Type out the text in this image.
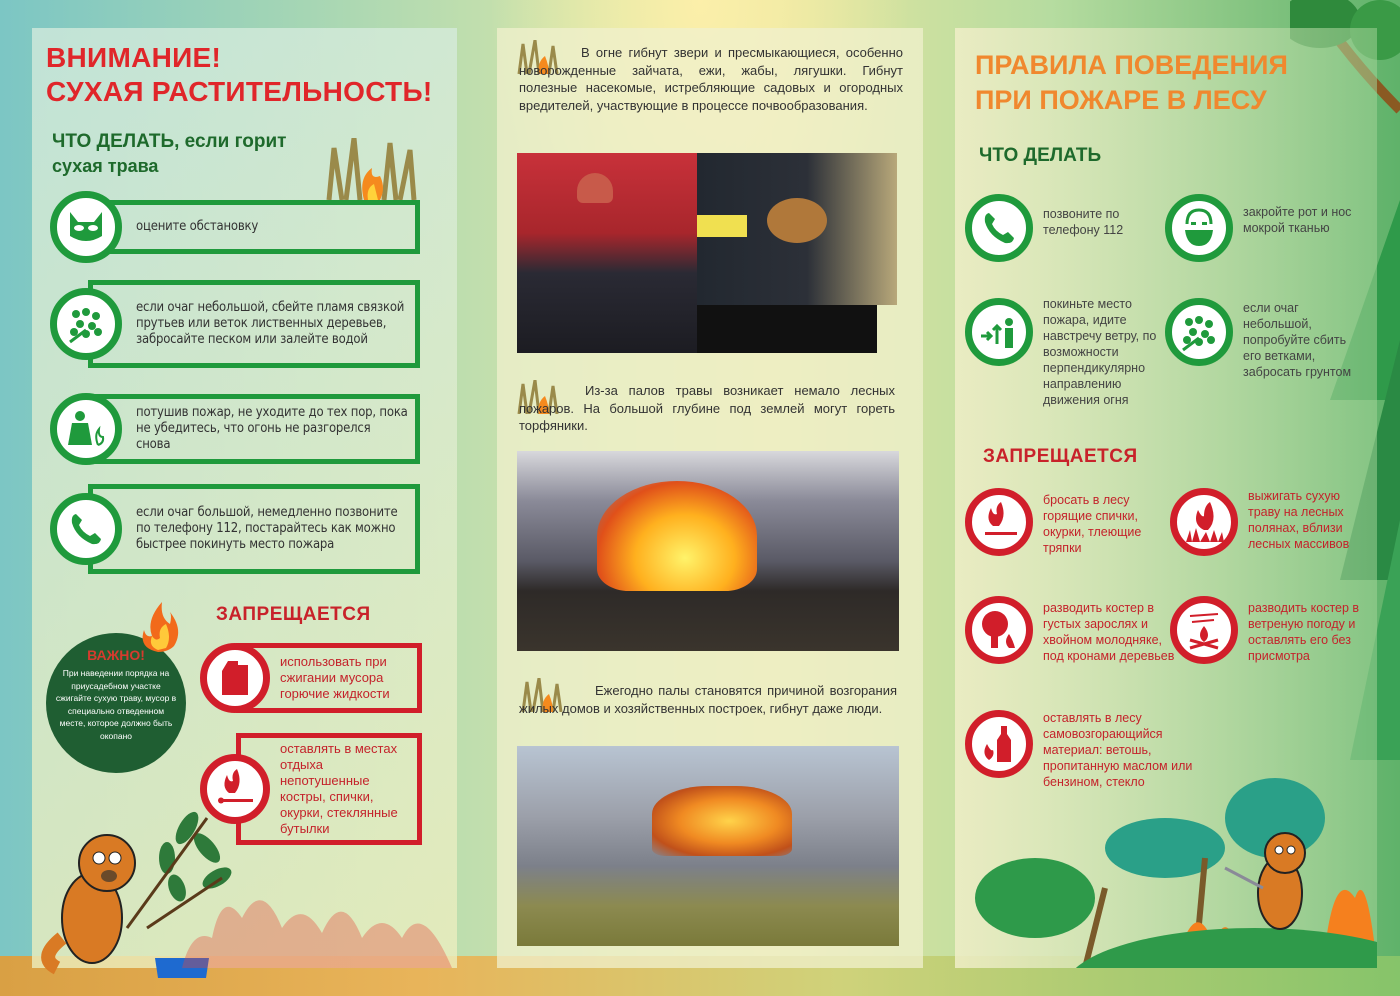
ВНИМАНИЕ!
СУХАЯ РАСТИТЕЛЬНОСТЬ!
ЧТО ДЕЛАТЬ, если горит
сухая трава
оцените обстановку
если очаг небольшой, сбейте пламя связкой прутьев или веток лиственных деревьев, забросайте песком или залейте водой
потушив пожар, не уходите до тех пор, пока не убедитесь, что огонь не разгорелся снова
если очаг большой, немедленно позвоните по телефону 112, постарайтесь как можно быстрее покинуть место пожара
ВАЖНО!
При наведении порядка на приусадебном участке сжигайте сухую траву, мусор в специально отведенном месте, которое должно быть окопано
ЗАПРЕЩАЕТСЯ
использовать при сжигании мусора горючие жидкости
оставлять в местах отдыха непотушенные костры, спички, окурки, стеклянные бутылки
В огне гибнут звери и пресмыкающиеся, особенно новорожденные зайчата, ежи, жабы, лягушки. Гибнут полезные насекомые, истребляющие садовых и огородных вредителей, участвующие в процессе почвообразования.
Из-за палов травы возникает немало лесных пожаров. На большой глубине под землей могут гореть торфяники.
Ежегодно палы становятся причиной возгорания жилых домов и хозяйственных построек, гибнут даже люди.
ПРАВИЛА ПОВЕДЕНИЯ
ПРИ ПОЖАРЕ В ЛЕСУ
ЧТО ДЕЛАТЬ
позвоните по телефону 112
закройте рот и нос мокрой тканью
покиньте место пожара, идите навстречу ветру, по возможности перпендикулярно направлению движения огня
если очаг небольшой, попробуйте сбить его ветками, забросать грунтом
ЗАПРЕЩАЕТСЯ
бросать в лесу горящие спички, окурки, тлеющие тряпки
выжигать сухую траву на лесных полянах, вблизи лесных массивов
разводить костер в густых зарослях и хвойном молодняке, под кронами деревьев
разводить костер в ветреную погоду и оставлять его без присмотра
оставлять в лесу самовозгорающийся материал: ветошь, пропитанную маслом или бензином, стекло
